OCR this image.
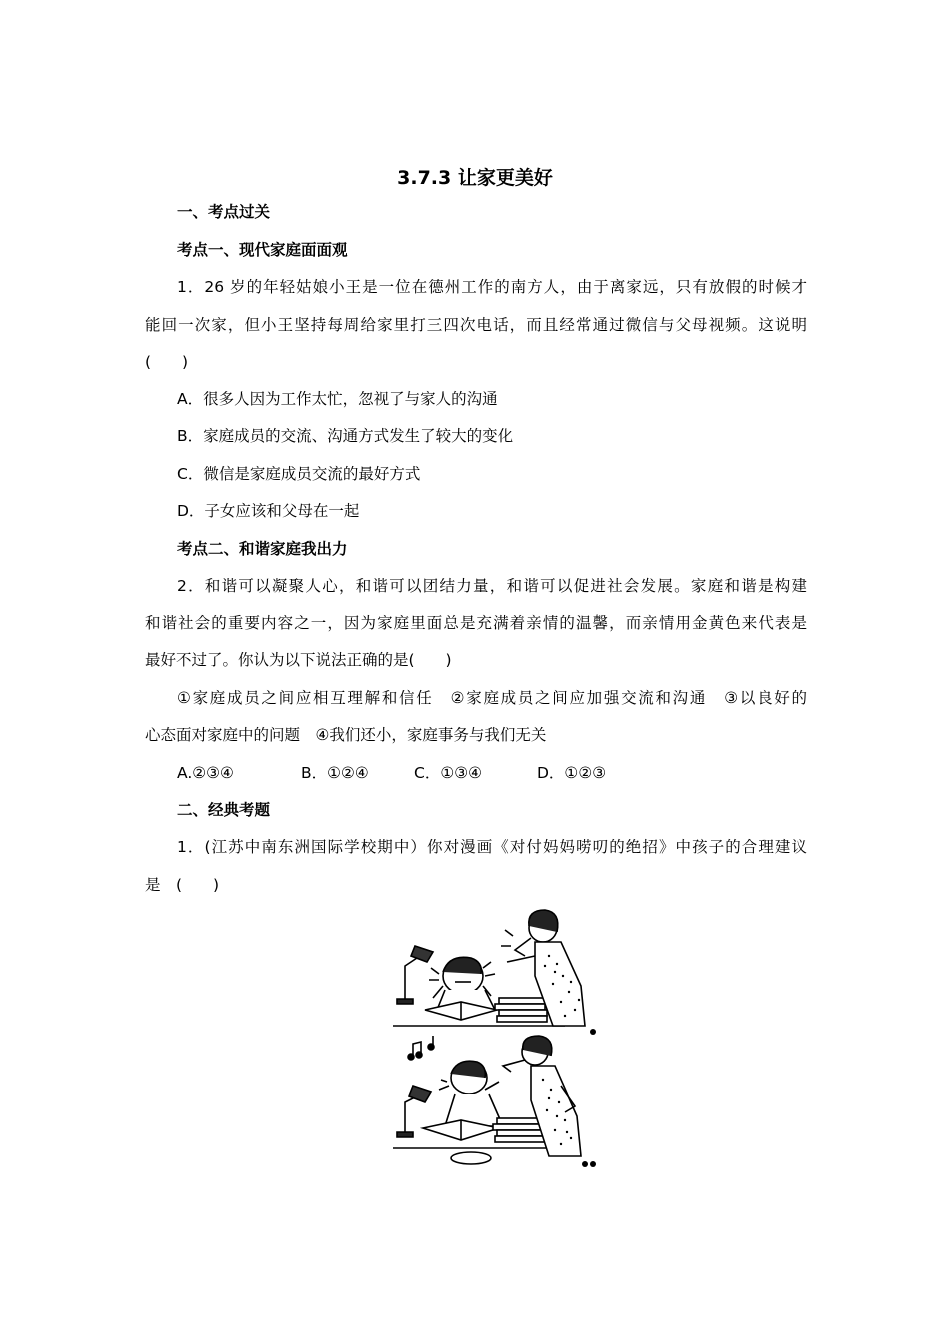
3.7.3 让家更美好
一、考点过关
考点一、现代家庭面面观
1．26 岁的年轻姑娘小王是一位在德州工作的南方人，由于离家远，只有放假的时候才
能回一次家，但小王坚持每周给家里打三四次电话，而且经常通过微信与父母视频。这说明
(　　)
A．很多人因为工作太忙，忽视了与家人的沟通
B．家庭成员的交流、沟通方式发生了较大的变化
C．微信是家庭成员交流的最好方式
D．子女应该和父母在一起
考点二、和谐家庭我出力
2．和谐可以凝聚人心，和谐可以团结力量，和谐可以促进社会发展。家庭和谐是构建
和谐社会的重要内容之一，因为家庭里面总是充满着亲情的温馨，而亲情用金黄色来代表是
最好不过了。你认为以下说法正确的是(　　)
①家庭成员之间应相互理解和信任　②家庭成员之间应加强交流和沟通　③以良好的
心态面对家庭中的问题　④我们还小，家庭事务与我们无关
A.②③④	B．①②④	C．①③④	D．①②③
二、经典考题
1．(江苏中南东洲国际学校期中）你对漫画《对付妈妈唠叨的绝招》中孩子的合理建议
是　(　　)
